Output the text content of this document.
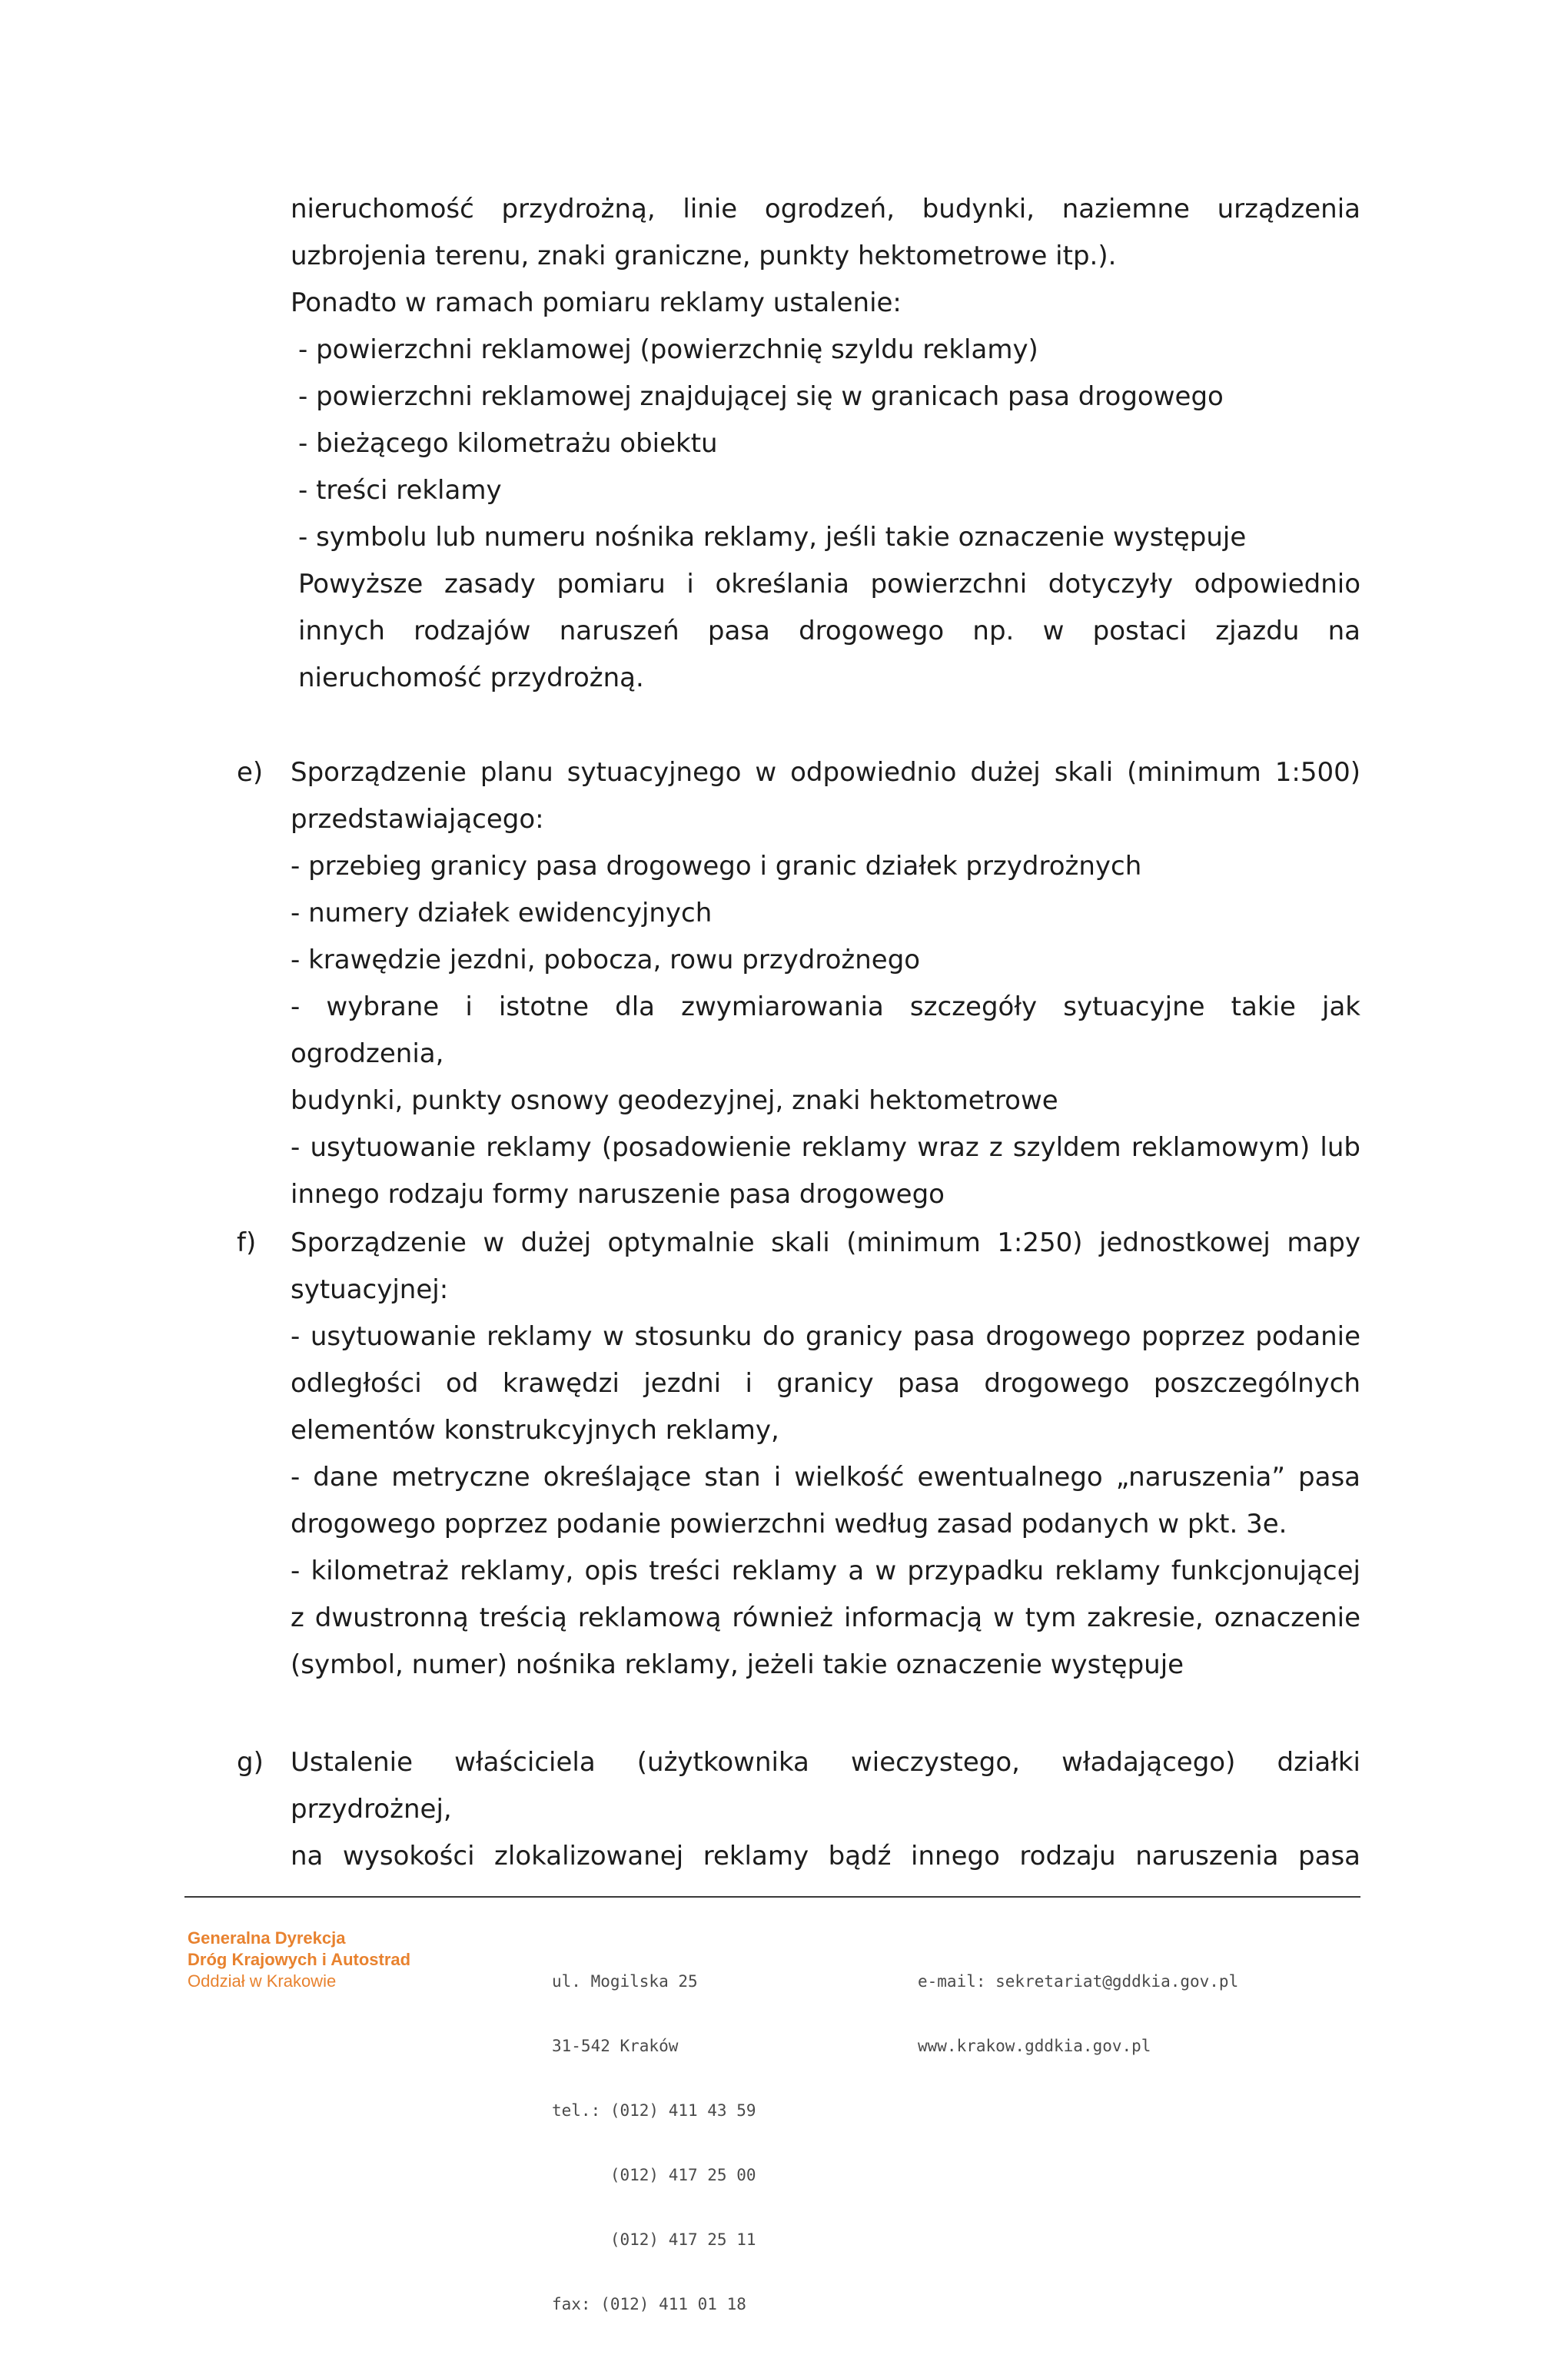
nieruchomość przydrożną, linie ogrodzeń, budynki, naziemne urządzenia
uzbrojenia terenu, znaki graniczne, punkty hektometrowe itp.).
Ponadto w ramach pomiaru reklamy ustalenie:
- powierzchni reklamowej (powierzchnię szyldu reklamy)
- powierzchni reklamowej znajdującej się w granicach pasa drogowego
- bieżącego kilometrażu obiektu
- treści reklamy
- symbolu lub numeru nośnika reklamy, jeśli takie oznaczenie występuje
Powyższe zasady pomiaru i określania powierzchni dotyczyły odpowiednio
innych rodzajów naruszeń pasa drogowego np. w postaci zjazdu na
nieruchomość przydrożną.
e)	Sporządzenie planu sytuacyjnego w odpowiednio dużej skali (minimum 1:500)
przedstawiającego:
- przebieg granicy pasa drogowego i granic działek przydrożnych
- numery działek ewidencyjnych
- krawędzie jezdni, pobocza, rowu przydrożnego
- wybrane i istotne dla zwymiarowania szczegóły sytuacyjne takie jak ogrodzenia,
budynki, punkty osnowy geodezyjnej, znaki hektometrowe
- usytuowanie reklamy (posadowienie reklamy wraz z szyldem reklamowym) lub
innego rodzaju formy naruszenie pasa drogowego
f)	Sporządzenie w dużej optymalnie skali (minimum 1:250) jednostkowej mapy
sytuacyjnej:
- usytuowanie reklamy w stosunku do granicy pasa drogowego poprzez podanie
odległości od krawędzi jezdni i granicy pasa drogowego poszczególnych
elementów konstrukcyjnych reklamy,
- dane metryczne określające stan i wielkość ewentualnego „naruszenia” pasa
drogowego poprzez podanie powierzchni według zasad podanych w pkt. 3e.
- kilometraż reklamy, opis treści reklamy a w przypadku reklamy funkcjonującej
z dwustronną treścią reklamową również informacją w tym zakresie, oznaczenie
(symbol, numer) nośnika reklamy, jeżeli takie oznaczenie występuje
g)	Ustalenie właściciela (użytkownika wieczystego, władającego) działki przydrożnej,
na wysokości zlokalizowanej reklamy bądź innego rodzaju naruszenia pasa
Generalna Dyrekcja
Dróg Krajowych i Autostrad
Oddział w Krakowie

	ul. Mogilska 25

31-542 Kraków

tel.: (012) 411 43 59

(012) 417 25 00

(012) 417 25 11

fax: (012) 411 01 18

e-mail: sekretariat@gddkia.gov.pl

www.krakow.gddkia.gov.pl
